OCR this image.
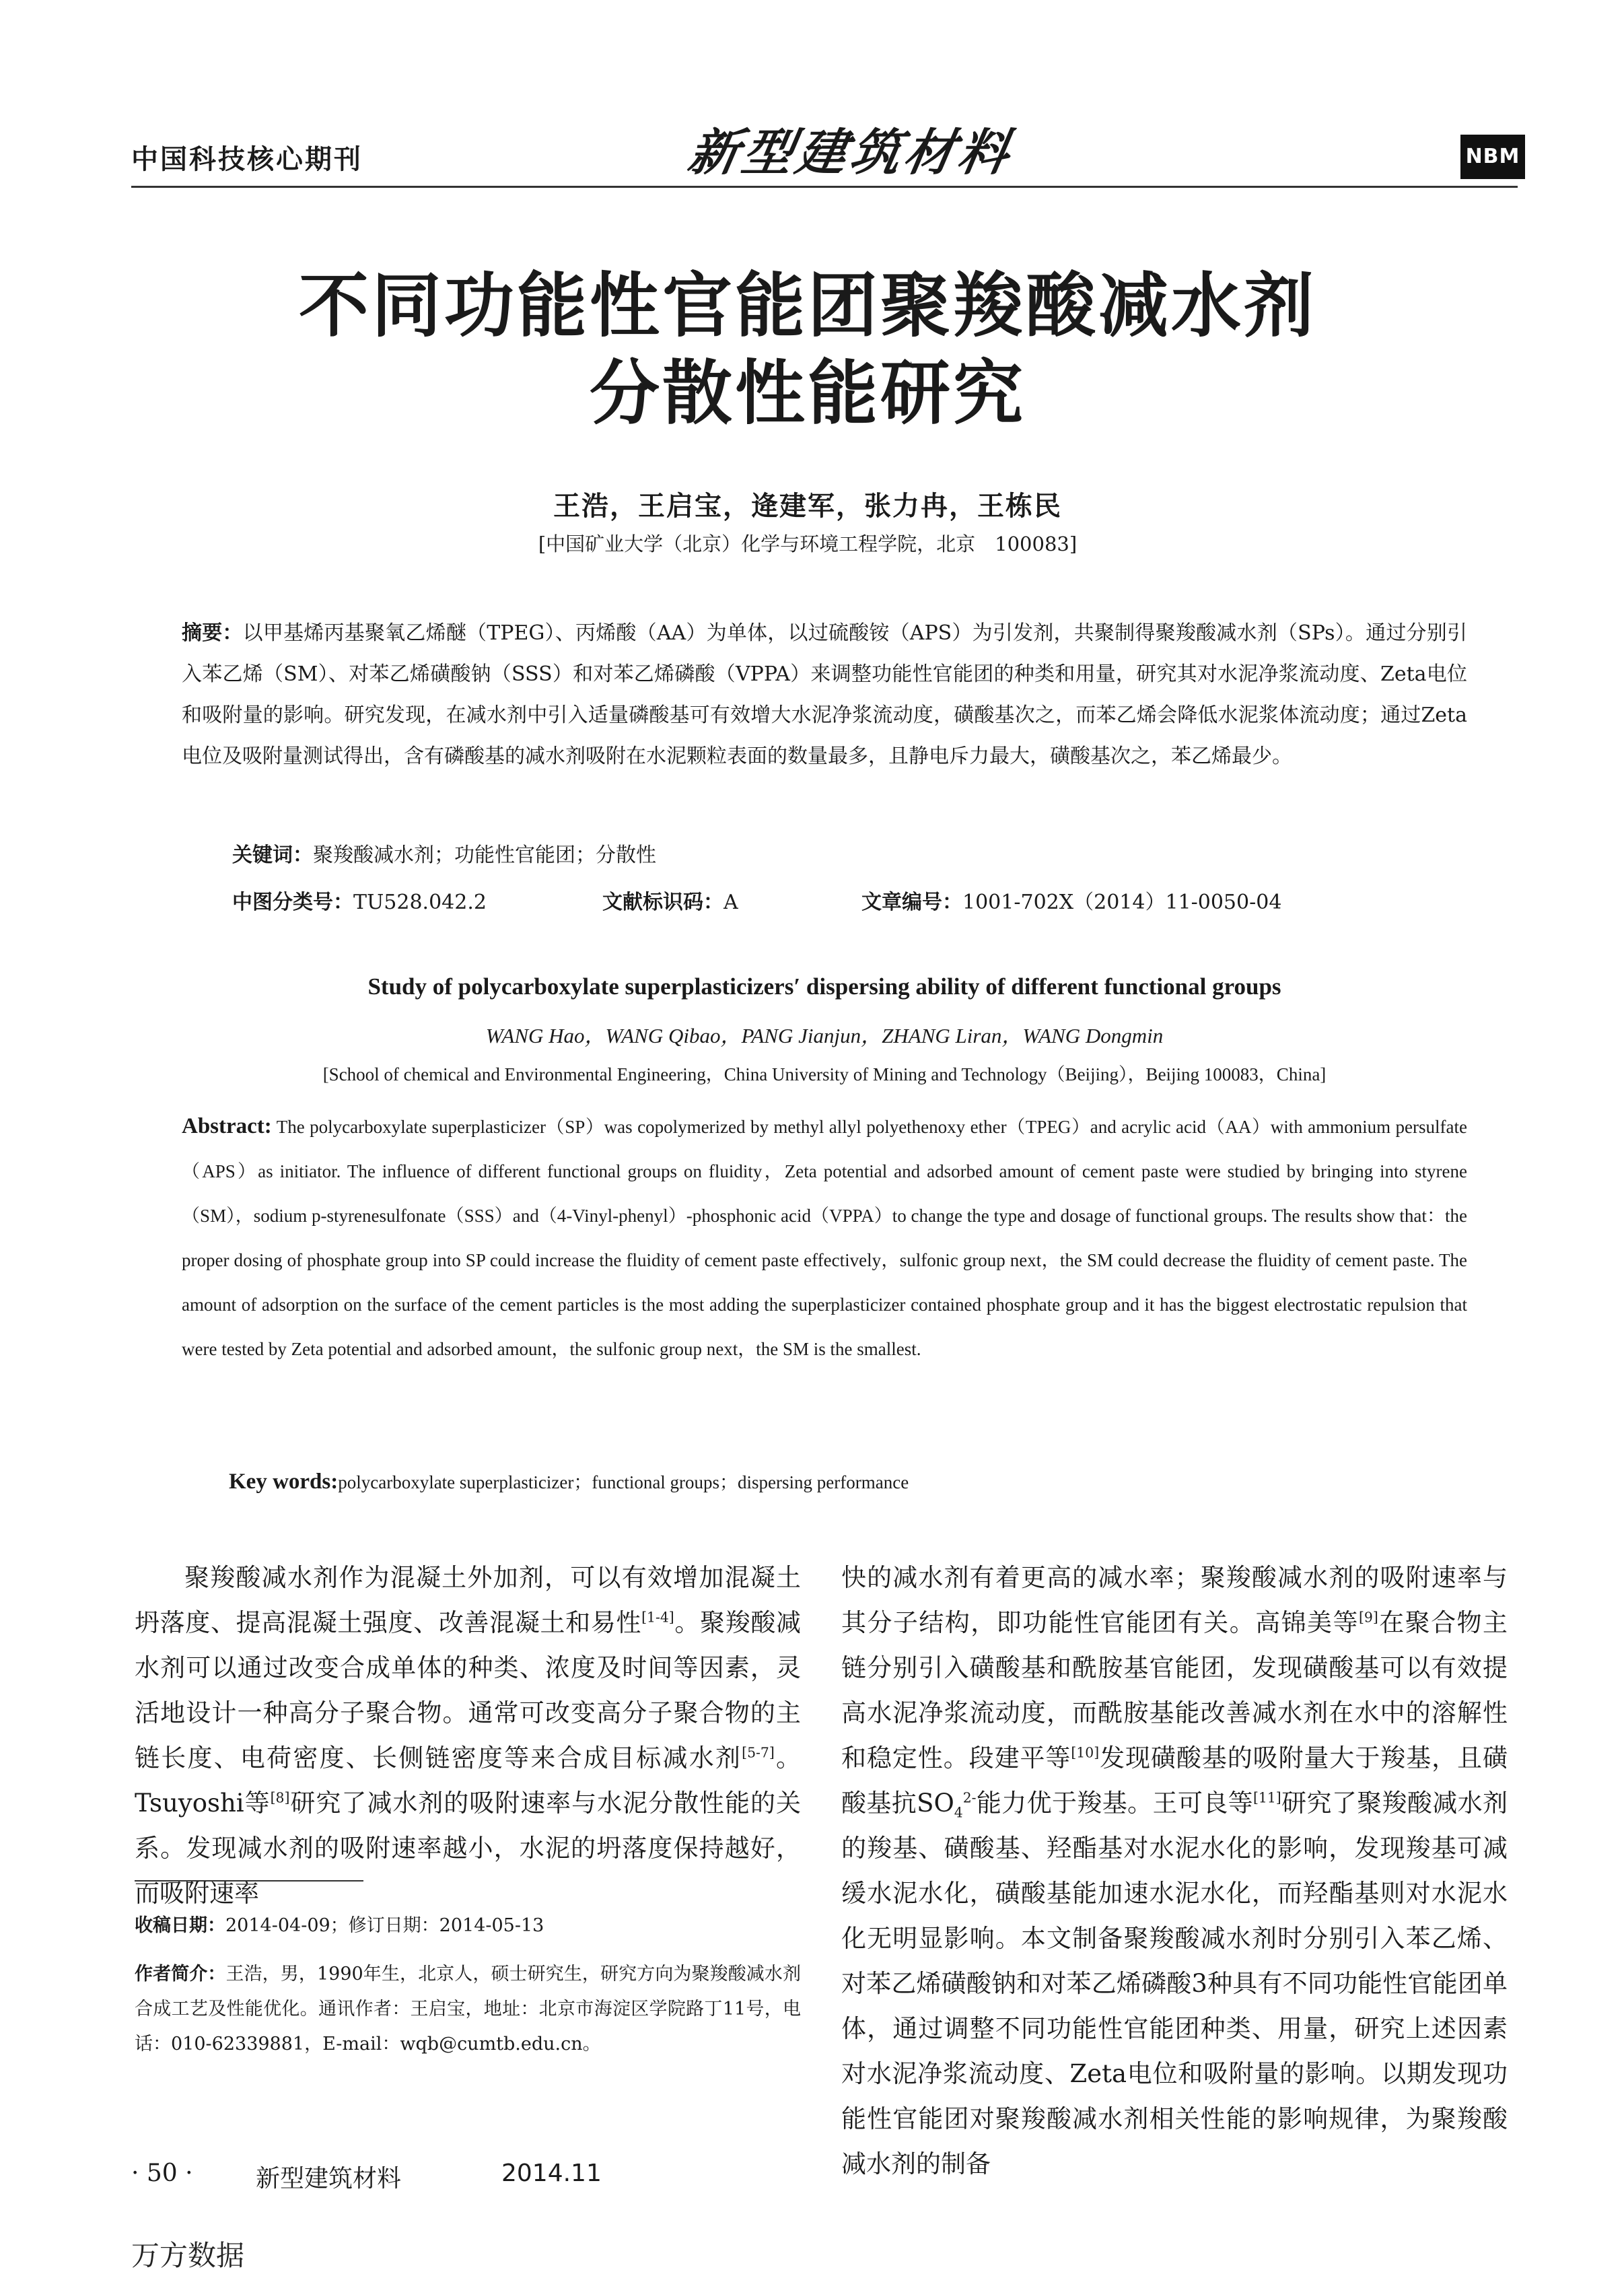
中国科技核心期刊	新型建筑材料	NBM
不同功能性官能团聚羧酸减水剂
分散性能研究
王浩，王启宝，逄建军，张力冉，王栋民
[中国矿业大学（北京）化学与环境工程学院，北京　100083]
摘要：以甲基烯丙基聚氧乙烯醚（TPEG）、丙烯酸（AA）为单体，以过硫酸铵（APS）为引发剂，共聚制得聚羧酸减水剂（SPs）。通过分别引入苯乙烯（SM）、对苯乙烯磺酸钠（SSS）和对苯乙烯磷酸（VPPA）来调整功能性官能团的种类和用量，研究其对水泥净浆流动度、Zeta电位和吸附量的影响。研究发现，在减水剂中引入适量磷酸基可有效增大水泥净浆流动度，磺酸基次之，而苯乙烯会降低水泥浆体流动度；通过Zeta电位及吸附量测试得出，含有磷酸基的减水剂吸附在水泥颗粒表面的数量最多，且静电斥力最大，磺酸基次之，苯乙烯最少。
关键词：聚羧酸减水剂；功能性官能团；分散性
中图分类号：TU528.042.2	文献标识码：A	文章编号：1001-702X（2014）11-0050-04
Study of polycarboxylate superplasticizers′ dispersing ability of different functional groups
WANG Hao，WANG Qibao，PANG Jianjun，ZHANG Liran，WANG Dongmin
[School of chemical and Environmental Engineering，China University of Mining and Technology（Beijing），Beijing 100083，China]
Abstract: The polycarboxylate superplasticizer（SP）was copolymerized by methyl allyl polyethenoxy ether（TPEG）and acrylic acid（AA）with ammonium persulfate（APS）as initiator. The influence of different functional groups on fluidity，Zeta potential and adsorbed amount of cement paste were studied by bringing into styrene（SM），sodium p-styrenesulfonate（SSS）and（4-Vinyl-phenyl）-phosphonic acid（VPPA）to change the type and dosage of functional groups. The results show that：the proper dosing of phosphate group into SP could increase the fluidity of cement paste effectively，sulfonic group next，the SM could decrease the fluidity of cement paste. The amount of adsorption on the surface of the cement particles is the most adding the superplasticizer contained phosphate group and it has the biggest electrostatic repulsion that were tested by Zeta potential and adsorbed amount，the sulfonic group next，the SM is the smallest.
Key words:polycarboxylate superplasticizer；functional groups；dispersing performance

聚羧酸减水剂作为混凝土外加剂，可以有效增加混凝土坍落度、提高混凝土强度、改善混凝土和易性[1-4]。聚羧酸减水剂可以通过改变合成单体的种类、浓度及时间等因素，灵活地设计一种高分子聚合物。通常可改变高分子聚合物的主链长度、电荷密度、长侧链密度等来合成目标减水剂[5-7]。Tsuyoshi等[8]研究了减水剂的吸附速率与水泥分散性能的关系。发现减水剂的吸附速率越小，水泥的坍落度保持越好，而吸附速率

收稿日期：2014-04-09；修订日期：2014-05-13
作者简介：王浩，男，1990年生，北京人，硕士研究生，研究方向为聚羧酸减水剂合成工艺及性能优化。通讯作者：王启宝，地址：北京市海淀区学院路丁11号，电话：010-62339881，E-mail：wqb@cumtb.edu.cn。

快的减水剂有着更高的减水率；聚羧酸减水剂的吸附速率与其分子结构，即功能性官能团有关。高锦美等[9]在聚合物主链分别引入磺酸基和酰胺基官能团，发现磺酸基可以有效提高水泥净浆流动度，而酰胺基能改善减水剂在水中的溶解性和稳定性。段建平等[10]发现磺酸基的吸附量大于羧基，且磺酸基抗$SO_4^{2-}$能力优于羧基。王可良等[11]研究了聚羧酸减水剂的羧基、磺酸基、羟酯基对水泥水化的影响，发现羧基可减缓水泥水化，磺酸基能加速水泥水化，而羟酯基则对水泥水化无明显影响。本文制备聚羧酸减水剂时分别引入苯乙烯、对苯乙烯磺酸钠和对苯乙烯磷酸3种具有不同功能性官能团单体，通过调整不同功能性官能团种类、用量，研究上述因素对水泥净浆流动度、Zeta电位和吸附量的影响。以期发现功能性官能团对聚羧酸减水剂相关性能的影响规律，为聚羧酸减水剂的制备

· 50 ·	新型建筑材料	2014.11
万方数据
